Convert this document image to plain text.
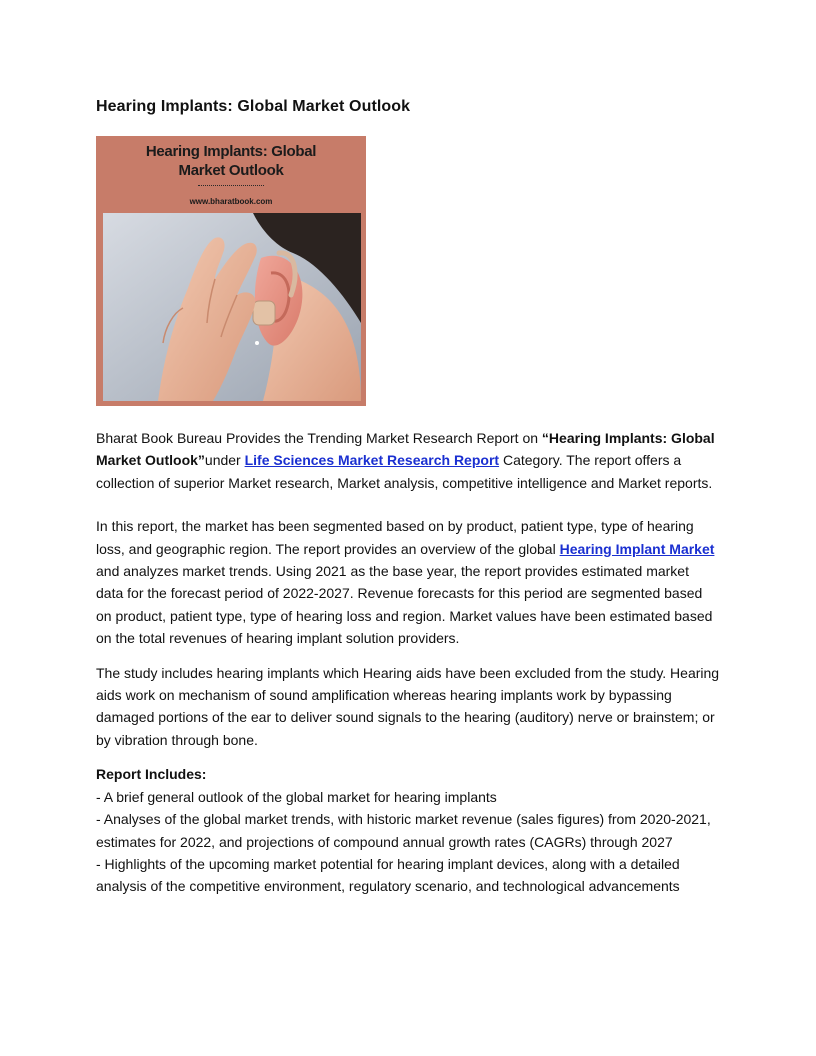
Hearing Implants: Global Market Outlook
Hearing Implants: Global
Market Outlook
www.bharatbook.com

Bharat Book Bureau Provides the Trending Market Research Report on “Hearing Implants: Global Market Outlook”under Life Sciences Market Research Report Category. The report offers a collection of superior Market research, Market analysis, competitive intelligence and Market reports.

In this report, the market has been segmented based on by product, patient type, type of hearing loss, and geographic region. The report provides an overview of the global Hearing Implant Market and analyzes market trends. Using 2021 as the base year, the report provides estimated market data for the forecast period of 2022-2027. Revenue forecasts for this period are segmented based on product, patient type, type of hearing loss and region. Market values have been estimated based on the total revenues of hearing implant solution providers.

The study includes hearing implants which Hearing aids have been excluded from the study. Hearing aids work on mechanism of sound amplification whereas hearing implants work by bypassing damaged portions of the ear to deliver sound signals to the hearing (auditory) nerve or brainstem; or by vibration through bone.

Report Includes:
- A brief general outlook of the global market for hearing implants
- Analyses of the global market trends, with historic market revenue (sales figures) from 2020-2021, estimates for 2022, and projections of compound annual growth rates (CAGRs) through 2027
- Highlights of the upcoming market potential for hearing implant devices, along with a detailed analysis of the competitive environment, regulatory scenario, and technological advancements
